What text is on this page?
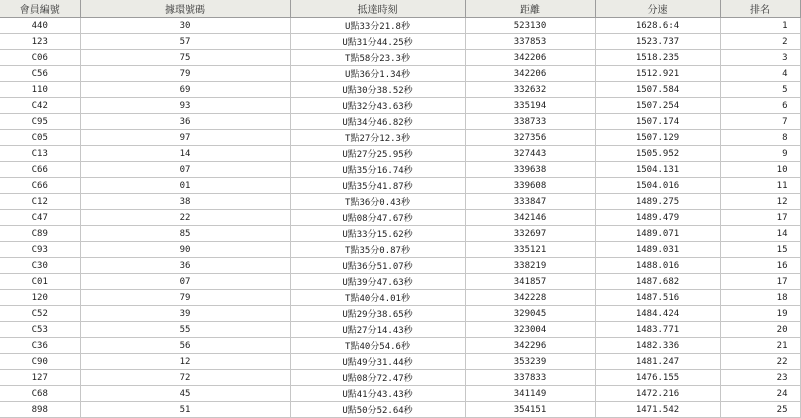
會員編號	據環號碼	抵達時刻	距離	分速	排名
440	30	U點33分21.8秒	523130	1628.6:4	1
123	57	U點31分44.25秒	337853	1523.737	2
C06	75	T點58分23.3秒	342206	1518.235	3
C56	79	U點36分1.34秒	342206	1512.921	4
110	69	U點30分38.52秒	332632	1507.584	5
C42	93	U點32分43.63秒	335194	1507.254	6
C95	36	U點34分46.82秒	338733	1507.174	7
C05	97	T點27分12.3秒	327356	1507.129	8
C13	14	U點27分25.95秒	327443	1505.952	9
C66	07	U點35分16.74秒	339638	1504.131	10
C66	01	U點35分41.87秒	339608	1504.016	11
C12	38	T點36分0.43秒	333847	1489.275	12
C47	22	U點08分47.67秒	342146	1489.479	17
C89	85	U點33分15.62秒	332697	1489.071	14
C93	90	T點35分0.87秒	335121	1489.031	15
C30	36	U點36分51.07秒	338219	1488.016	16
C01	07	U點39分47.63秒	341857	1487.682	17
120	79	T點40分4.01秒	342228	1487.516	18
C52	39	U點29分38.65秒	329045	1484.424	19
C53	55	U點27分14.43秒	323004	1483.771	20
C36	56	T點40分54.6秒	342296	1482.336	21
C90	12	U點49分31.44秒	353239	1481.247	22
127	72	U點08分72.47秒	337833	1476.155	23
C68	45	U點41分43.43秒	341149	1472.216	24
898	51	U點50分52.64秒	354151	1471.542	25
